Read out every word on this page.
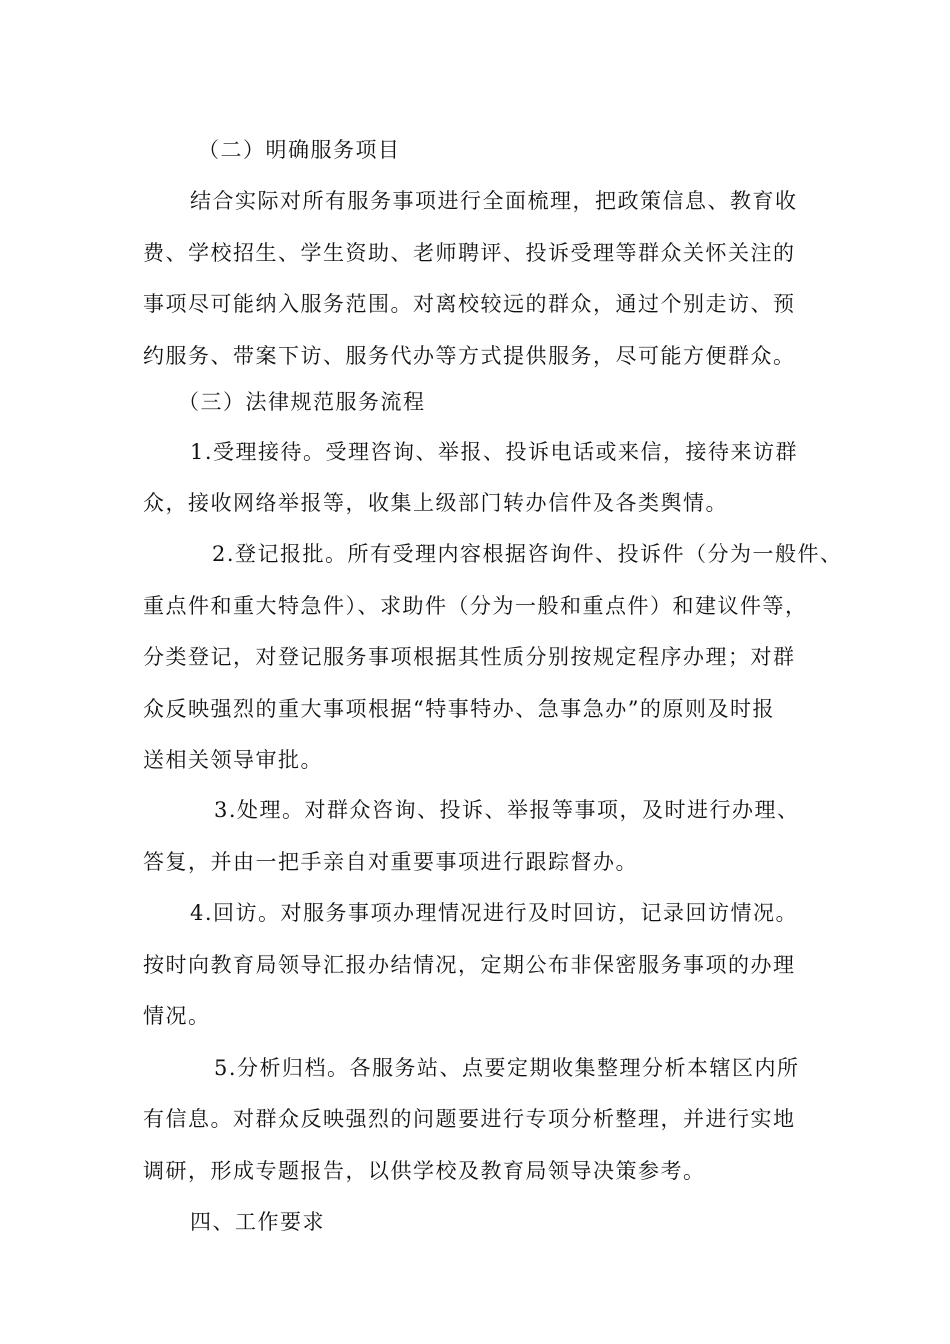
（二）明确服务项目
结合实际对所有服务事项进行全面梳理，把政策信息、教育收
费、学校招生、学生资助、老师聘评、投诉受理等群众关怀关注的
事项尽可能纳入服务范围。对离校较远的群众，通过个别走访、预
约服务、带案下访、服务代办等方式提供服务，尽可能方便群众。
（三）法律规范服务流程
1.受理接待。受理咨询、举报、投诉电话或来信，接待来访群
众，接收网络举报等，收集上级部门转办信件及各类舆情。
2.登记报批。所有受理内容根据咨询件、投诉件（分为一般件、
重点件和重大特急件）、求助件（分为一般和重点件）和建议件等，
分类登记，对登记服务事项根据其性质分别按规定程序办理；对群
众反映强烈的重大事项根据“特事特办、急事急办”的原则及时报
送相关领导审批。
3.处理。对群众咨询、投诉、举报等事项，及时进行办理、
答复，并由一把手亲自对重要事项进行跟踪督办。
4.回访。对服务事项办理情况进行及时回访，记录回访情况。
按时向教育局领导汇报办结情况，定期公布非保密服务事项的办理
情况。
5.分析归档。各服务站、点要定期收集整理分析本辖区内所
有信息。对群众反映强烈的问题要进行专项分析整理，并进行实地
调研，形成专题报告，以供学校及教育局领导决策参考。
四、工作要求
